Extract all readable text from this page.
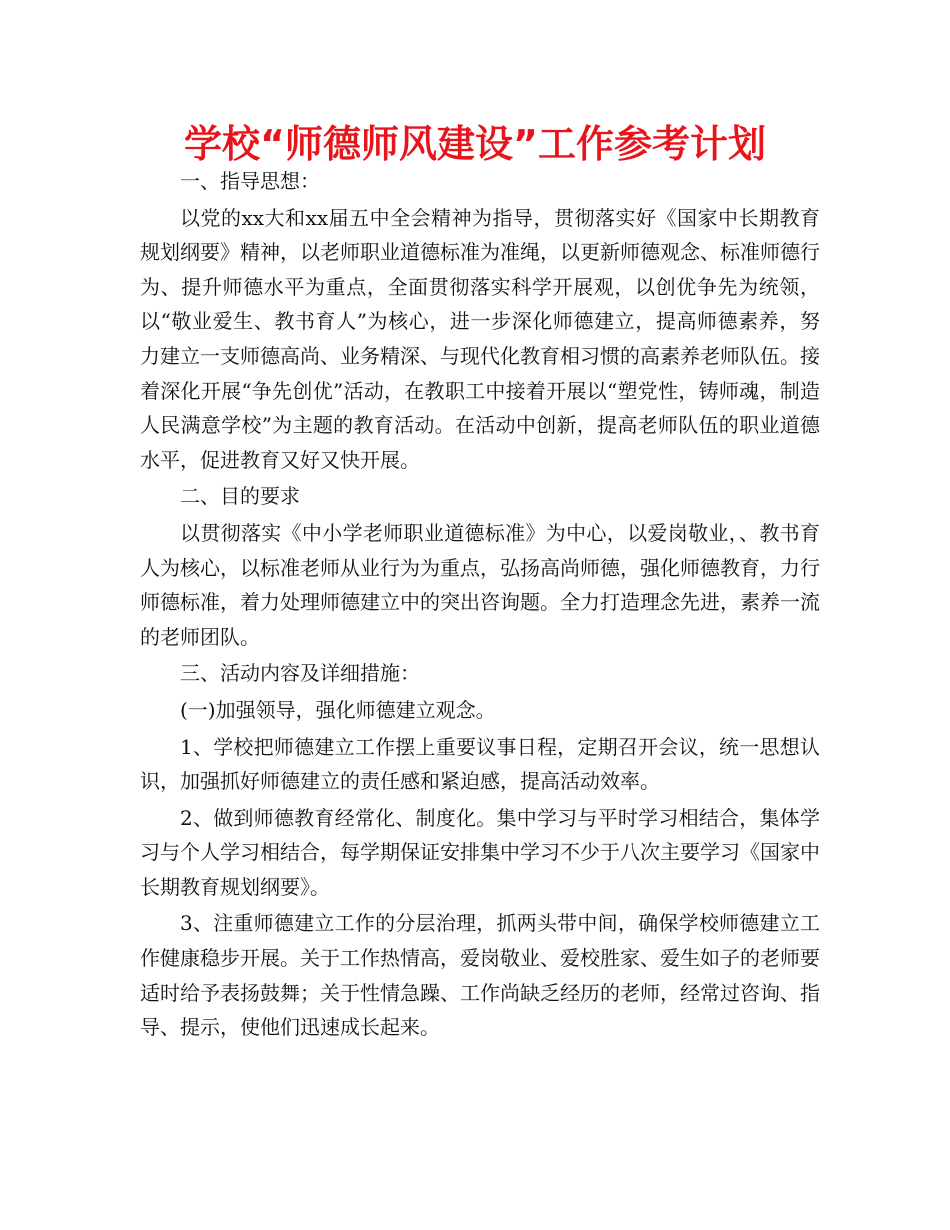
学校“师德师风建设”工作参考计划

一、指导思想：

以党的xx大和xx届五中全会精神为指导，贯彻落实好《国家中长期教育规划纲要》精神，以老师职业道德标准为准绳，以更新师德观念、标准师德行为、提升师德水平为重点，全面贯彻落实科学开展观，以创优争先为统领，以“敬业爱生、教书育人”为核心，进一步深化师德建立，提高师德素养，努力建立一支师德高尚、业务精深、与现代化教育相习惯的高素养老师队伍。接着深化开展“争先创优”活动，在教职工中接着开展以“塑党性，铸师魂，制造人民满意学校”为主题的教育活动。在活动中创新，提高老师队伍的职业道德水平，促进教育又好又快开展。

二、目的要求

以贯彻落实《中小学老师职业道德标准》为中心，以爱岗敬业，、教书育人为核心，以标准老师从业行为为重点，弘扬高尚师德，强化师德教育，力行师德标准，着力处理师德建立中的突出咨询题。全力打造理念先进，素养一流的老师团队。

三、活动内容及详细措施：

(一)加强领导，强化师德建立观念。

1、学校把师德建立工作摆上重要议事日程，定期召开会议，统一思想认识，加强抓好师德建立的责任感和紧迫感，提高活动效率。

2、做到师德教育经常化、制度化。集中学习与平时学习相结合，集体学习与个人学习相结合，每学期保证安排集中学习不少于八次主要学习《国家中长期教育规划纲要》。

3、注重师德建立工作的分层治理，抓两头带中间，确保学校师德建立工作健康稳步开展。关于工作热情高，爱岗敬业、爱校胜家、爱生如子的老师要适时给予表扬鼓舞；关于性情急躁、工作尚缺乏经历的老师，经常过咨询、指导、提示，使他们迅速成长起来。
